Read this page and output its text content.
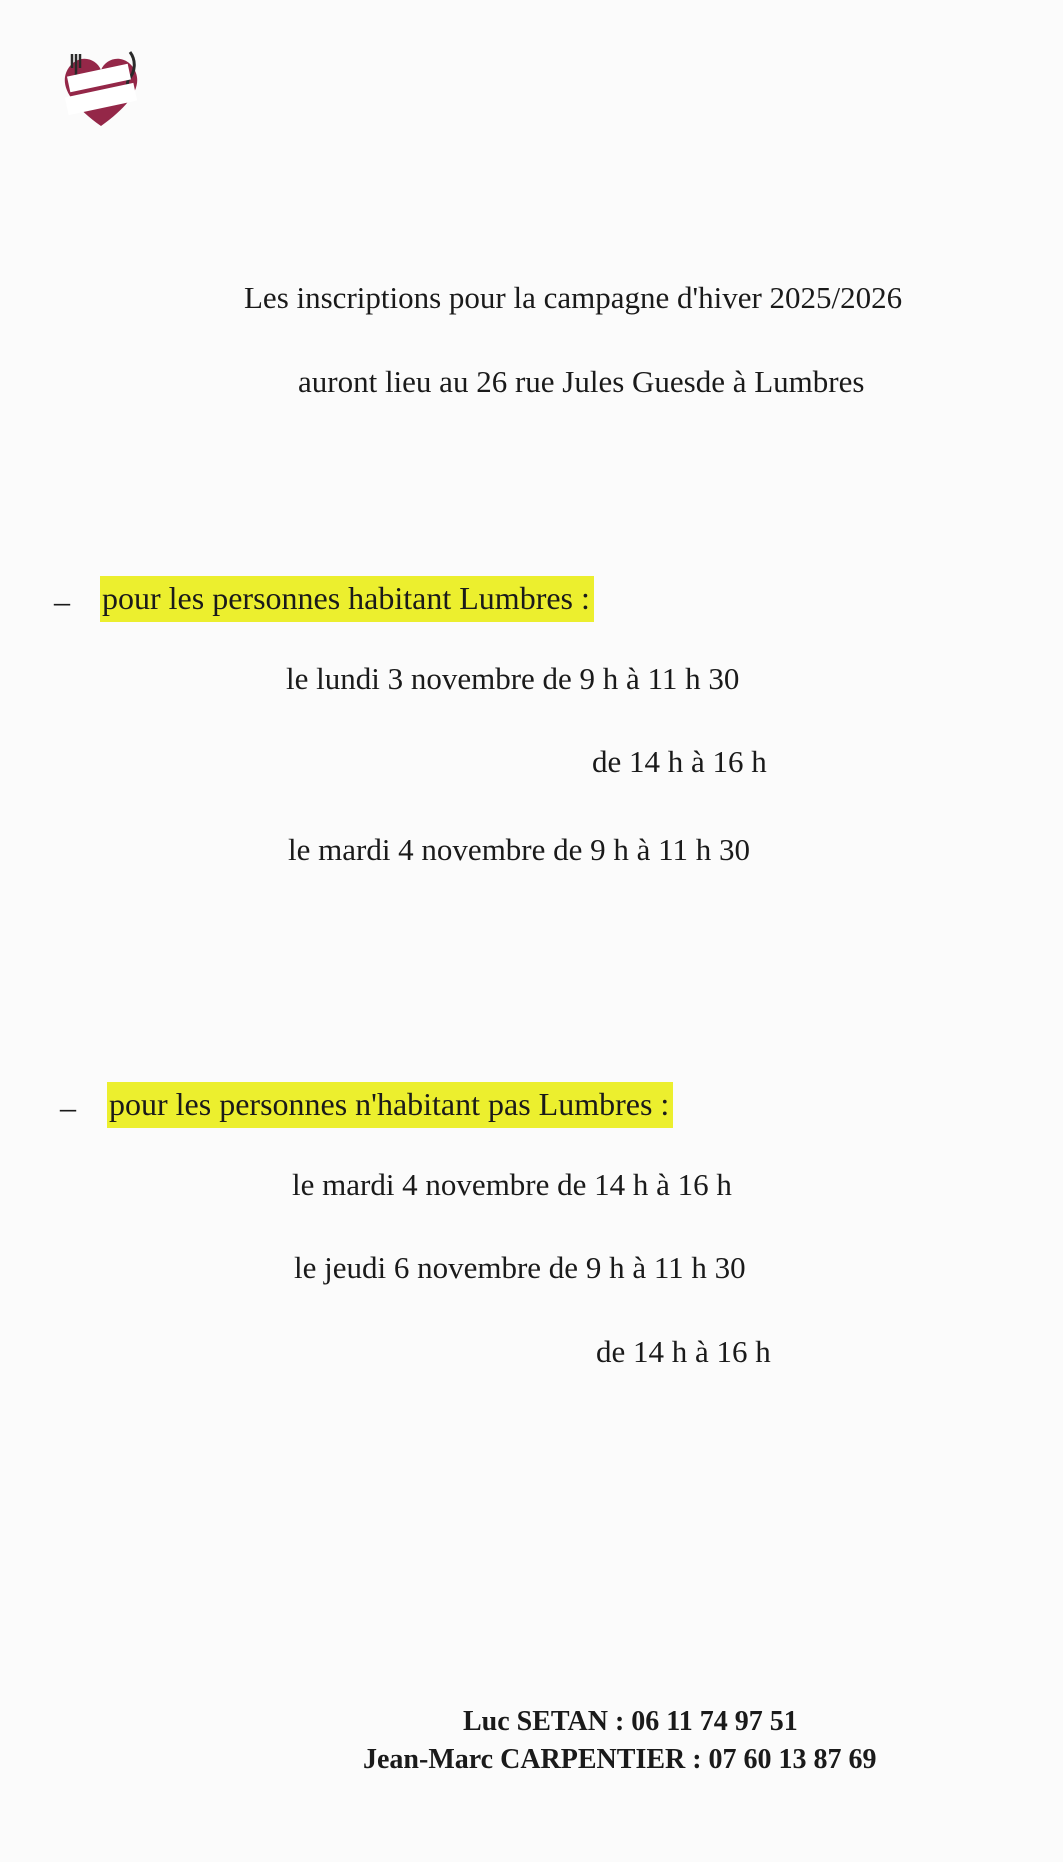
Les inscriptions pour la campagne d'hiver 2025/2026
auront lieu au 26 rue Jules Guesde à Lumbres
– pour les personnes habitant Lumbres :
le lundi 3 novembre de 9 h à 11 h 30
de 14 h à 16 h
le mardi 4 novembre de 9 h à 11 h 30
– pour les personnes n'habitant pas Lumbres :
le mardi 4 novembre de 14 h à 16 h
le jeudi 6 novembre de 9 h à 11 h 30
de 14 h à 16 h
Luc SETAN : 06 11 74 97 51
Jean-Marc CARPENTIER : 07 60 13 87 69
